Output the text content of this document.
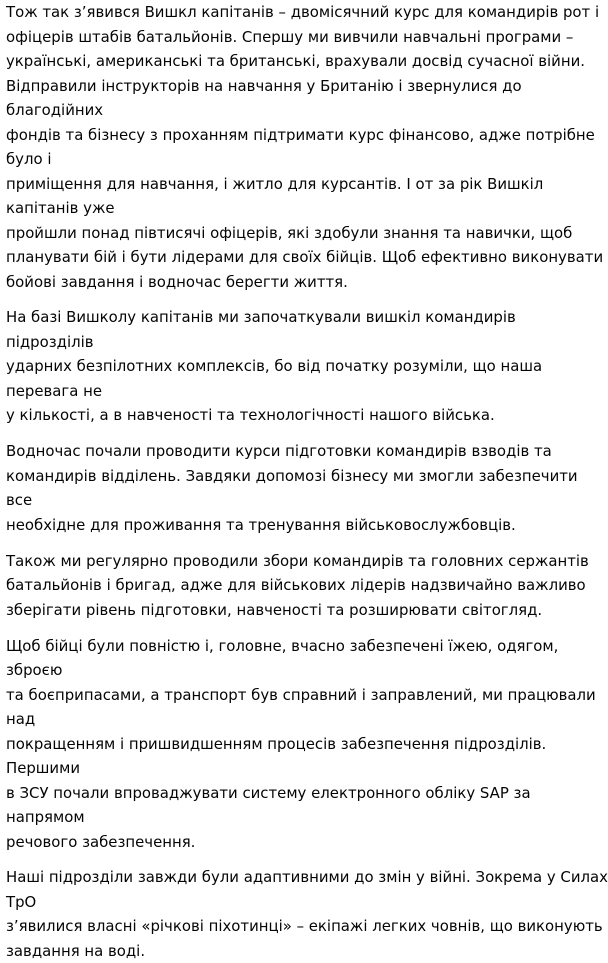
Тож так з’явився Вишкл капітанів – двомісячний курс для командирів рот і
офіцерів штабів батальйонів. Спершу ми вивчили навчальні програми –
українські, американські та британські, врахували досвід сучасної війни.
Відправили інструкторів на навчання у Британію і звернулися до благодійних
фондів та бізнесу з проханням підтримати курс фінансово, адже потрібне було і
приміщення для навчання, і житло для курсантів. І от за рік Вишкіл капітанів уже
пройшли понад півтисячі офіцерів, які здобули знання та навички, щоб
планувати бій і бути лідерами для своїх бійців. Щоб ефективно виконувати
бойові завдання і водночас берегти життя.

На базі Вишколу капітанів ми започаткували вишкіл командирів підрозділів
ударних безпілотних комплексів, бо від початку розуміли, що наша перевага не
у кількості, а в навченості та технологічності нашого війська.

Водночас почали проводити курси підготовки командирів взводів та
командирів відділень. Завдяки допомозі бізнесу ми змогли забезпечити все
необхідне для проживання та тренування військовослужбовців.

Також ми регулярно проводили збори командирів та головних сержантів
батальйонів і бригад, адже для військових лідерів надзвичайно важливо
зберігати рівень підготовки, навченості та розширювати світогляд.

Щоб бійці були повністю і, головне, вчасно забезпечені їжею, одягом, зброєю
та боєприпасами, а транспорт був справний і заправлений, ми працювали над
покращенням і пришвидшенням процесів забезпечення підрозділів. Першими
в ЗСУ почали впроваджувати систему електронного обліку SAP за напрямом
речового забезпечення.

Наші підрозділи завжди були адаптивними до змін у війні. Зокрема у Силах ТрО
з’явилися власні «річкові піхотинці» – екіпажі легких човнів, що виконують
завдання на воді.
